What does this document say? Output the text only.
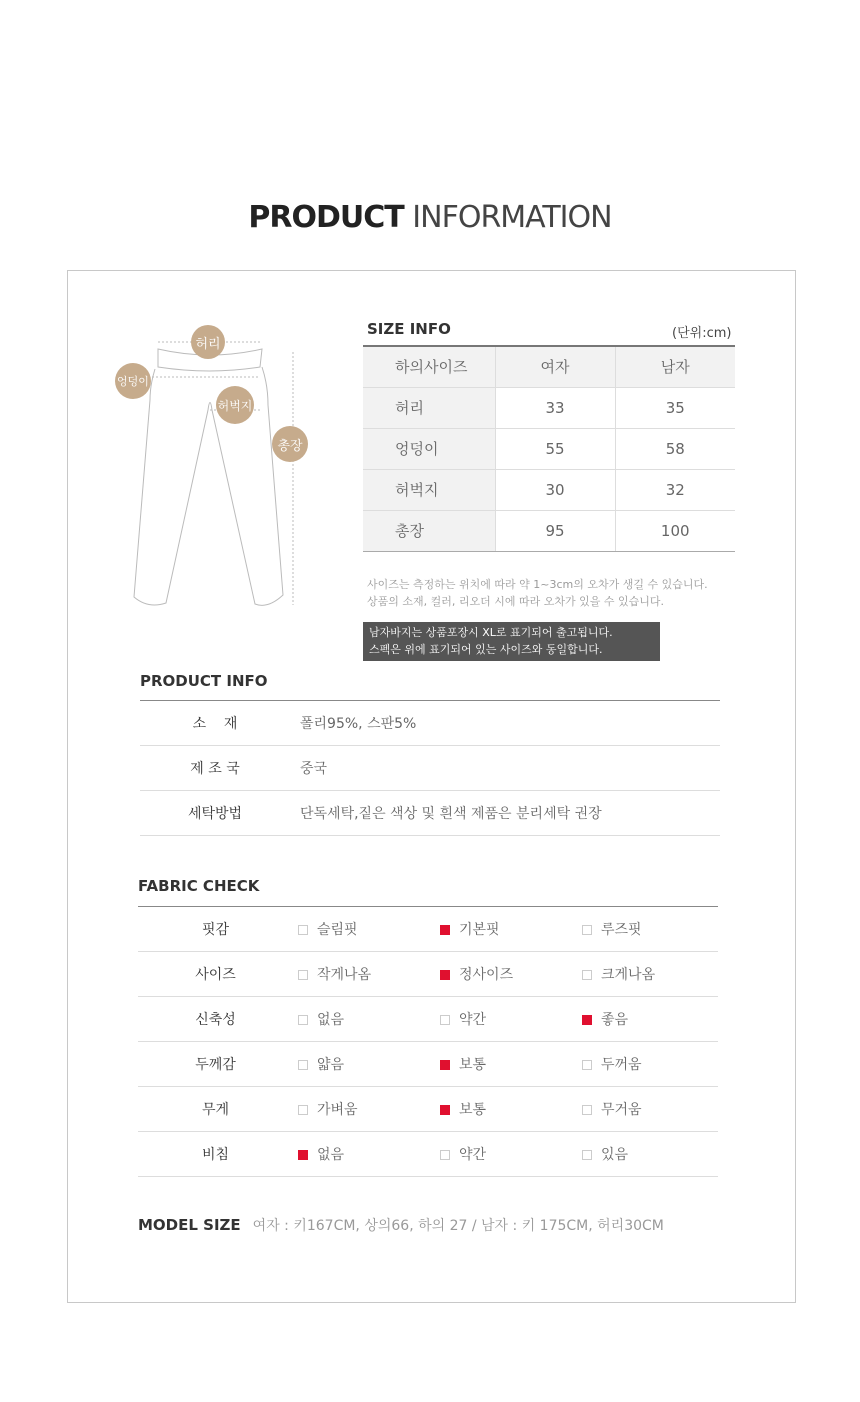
PRODUCT INFORMATION
허리
엉덩이
허벅지
총장
SIZE INFO	(단위:cm)
하의사이즈	여자	남자
허리	33	35
엉덩이	55	58
허벅지	30	32
총장	95	100
사이즈는 측정하는 위치에 따라 약 1~3cm의 오차가 생길 수 있습니다.
상품의 소재, 컬러, 리오더 시에 따라 오차가 있을 수 있습니다.
남자바지는 상품포장시 XL로 표기되어 출고됩니다.
스펙은 위에 표기되어 있는 사이즈와 동일합니다.
PRODUCT INFO
소    재	폴리95%, 스판5%
제 조 국	중국
세탁방법	단독세탁,짙은 색상 및 흰색 제품은 분리세탁 권장
FABRIC CHECK
핏감	슬림핏	기본핏	루즈핏
사이즈	작게나옴	정사이즈	크게나옴
신축성	없음	약간	좋음
두께감	얇음	보통	두꺼움
무게	가벼움	보통	무거움
비침	없음	약간	있음
MODEL SIZE 여자 : 키167CM, 상의66, 하의 27 / 남자 : 키 175CM, 허리30CM
